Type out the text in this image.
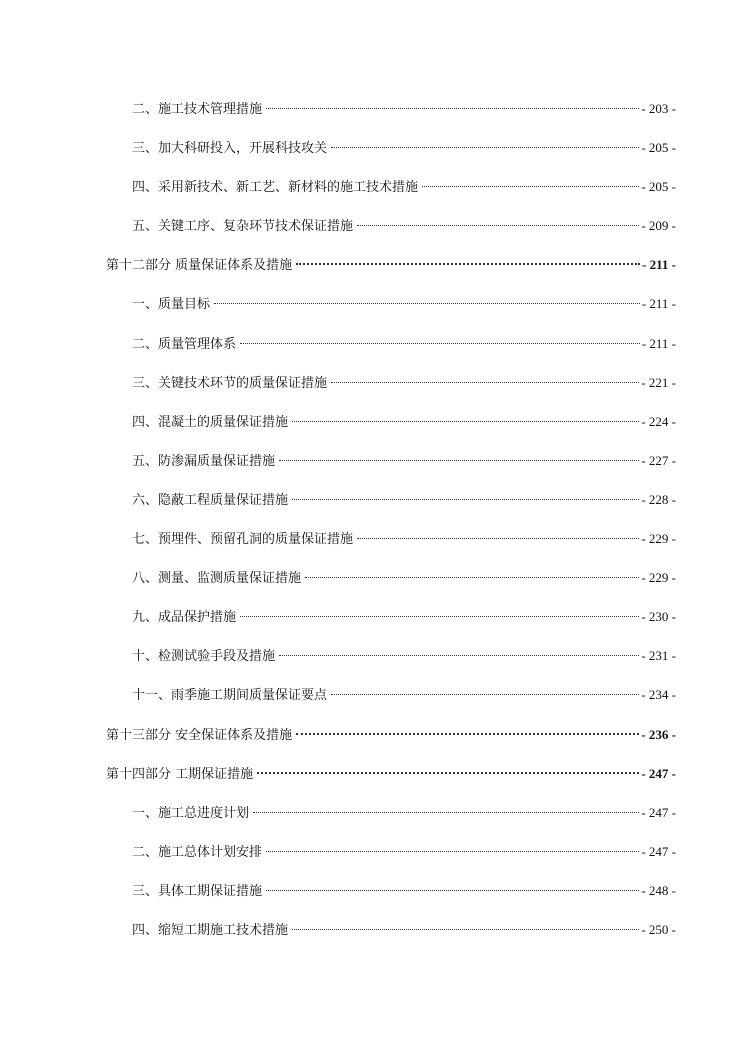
二、施工技术管理措施	- 203 -
三、加大科研投入，开展科技攻关	- 205 -
四、采用新技术、新工艺、新材料的施工技术措施	- 205 -
五、关键工序、复杂环节技术保证措施	- 209 -
第十二部分 质量保证体系及措施	- 211 -
一、质量目标	- 211 -
二、质量管理体系	- 211 -
三、关键技术环节的质量保证措施	- 221 -
四、混凝土的质量保证措施	- 224 -
五、防渗漏质量保证措施	- 227 -
六、隐蔽工程质量保证措施	- 228 -
七、预埋件、预留孔洞的质量保证措施	- 229 -
八、测量、监测质量保证措施	- 229 -
九、成品保护措施	- 230 -
十、检测试验手段及措施	- 231 -
十一、雨季施工期间质量保证要点	- 234 -
第十三部分 安全保证体系及措施	- 236 -
第十四部分 工期保证措施	- 247 -
一、施工总进度计划	- 247 -
二、施工总体计划安排	- 247 -
三、具体工期保证措施	- 248 -
四、缩短工期施工技术措施	- 250 -
